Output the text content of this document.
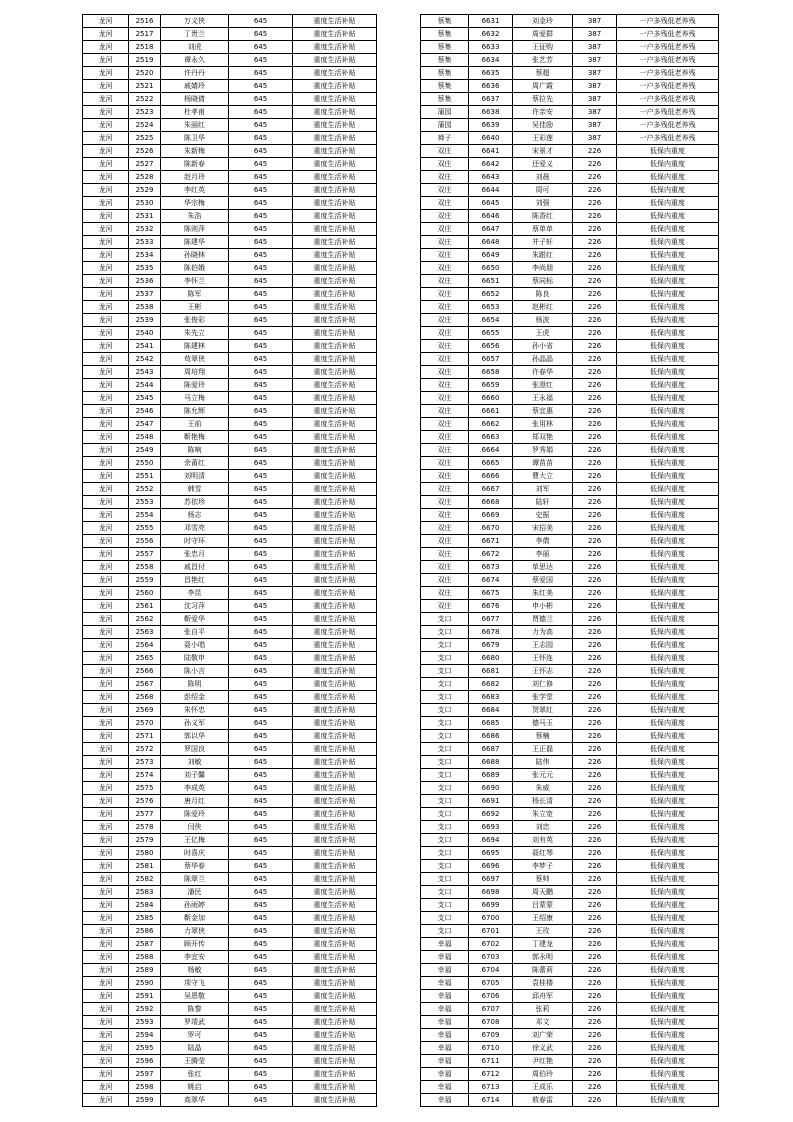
龙河	2516	万义侠	645	重度生活补贴
龙河	2517	丁贵兰	645	重度生活补贴
龙河	2518	刘虎	645	重度生活补贴
龙河	2519	谭永久	645	重度生活补贴
龙河	2520	许丹丹	645	重度生活补贴
龙河	2521	戚婧玲	645	重度生活补贴
龙河	2522	杨晓倩	645	重度生活补贴
龙河	2523	杜孝甫	645	重度生活补贴
龙河	2524	朱丽红	645	重度生活补贴
龙河	2525	陈卫华	645	重度生活补贴
龙河	2526	朱新梅	645	重度生活补贴
龙河	2527	陈新春	645	重度生活补贴
龙河	2528	赵月玲	645	重度生活补贴
龙河	2529	李红英	645	重度生活补贴
龙河	2530	华宗梅	645	重度生活补贴
龙河	2531	朱浩	645	重度生活补贴
龙河	2532	陈则萍	645	重度生活补贴
龙河	2533	陈建华	645	重度生活补贴
龙河	2534	孙晓林	645	重度生活补贴
龙河	2535	陈伯娥	645	重度生活补贴
龙河	2536	李怀兰	645	重度生活补贴
龙河	2537	陈军	645	重度生活补贴
龙河	2538	王彬	645	重度生活补贴
龙河	2539	张俊彩	645	重度生活补贴
龙河	2540	朱先立	645	重度生活补贴
龙河	2541	陈建林	645	重度生活补贴
龙河	2542	苟翠侠	645	重度生活补贴
龙河	2543	周培翔	645	重度生活补贴
龙河	2544	陈爱玲	645	重度生活补贴
龙河	2545	马立梅	645	重度生活补贴
龙河	2546	陈允辉	645	重度生活补贴
龙河	2547	王前	645	重度生活补贴
龙河	2548	靳艳梅	645	重度生活补贴
龙河	2549	陈响	645	重度生活补贴
龙河	2550	余莆红	645	重度生活补贴
龙河	2551	刘明清	645	重度生活补贴
龙河	2552	韩雪	645	重度生活补贴
龙河	2553	苏依珍	645	重度生活补贴
龙河	2554	杨志	645	重度生活补贴
龙河	2555	邓雪亮	645	重度生活补贴
龙河	2556	时守环	645	重度生活补贴
龙河	2557	张忠月	645	重度生活补贴
龙河	2558	戚昌付	645	重度生活补贴
龙河	2559	昌艳红	645	重度生活补贴
龙河	2560	李昆	645	重度生活补贴
龙河	2561	沈习萍	645	重度生活补贴
龙河	2562	靳爱华	645	重度生活补贴
龙河	2563	张自平	645	重度生活补贴
龙河	2564	聂小唱	645	重度生活补贴
龙河	2565	陆敬申	645	重度生活补贴
龙河	2566	陈小言	645	重度生活补贴
龙河	2567	陈明	645	重度生活补贴
龙河	2568	彭绍金	645	重度生活补贴
龙河	2569	朱怀忠	645	重度生活补贴
龙河	2570	孙义军	645	重度生活补贴
龙河	2571	郭以华	645	重度生活补贴
龙河	2572	罗国良	645	重度生活补贴
龙河	2573	刘敏	645	重度生活补贴
龙河	2574	刘子馨	645	重度生活补贴
龙河	2575	李成英	645	重度生活补贴
龙河	2576	唐月红	645	重度生活补贴
龙河	2577	陈爱玲	645	重度生活补贴
龙河	2578	闫侠	645	重度生活补贴
龙河	2579	王亿梅	645	重度生活补贴
龙河	2580	时喜庆	645	重度生活补贴
龙河	2581	蔡华春	645	重度生活补贴
龙河	2582	陈翠兰	645	重度生活补贴
龙河	2583	潘民	645	重度生活补贴
龙河	2584	孙雨婷	645	重度生活补贴
龙河	2585	靳金加	645	重度生活补贴
龙河	2586	力翠侠	645	重度生活补贴
龙河	2587	顾开传	645	重度生活补贴
龙河	2588	李宜安	645	重度生活补贴
龙河	2589	杨敏	645	重度生活补贴
龙河	2590	项守飞	645	重度生活补贴
龙河	2591	吴恩敬	645	重度生活补贴
龙河	2592	陈黎	645	重度生活补贴
龙河	2593	罗靖武	645	重度生活补贴
龙河	2594	罗可	645	重度生活补贴
龙河	2595	陆晶	645	重度生活补贴
龙河	2596	王腾莹	645	重度生活补贴
龙河	2597	张红	645	重度生活补贴
龙河	2598	姚启	645	重度生活补贴
龙河	2599	高翠华	645	重度生活补贴
蔡集	6631	刘金玲	387	一户多残低老养残
蔡集	6632	周爱群	387	一户多残低老养残
蔡集	6633	王征购	387	一户多残低老养残
蔡集	6634	张艺芳	387	一户多残低老养残
蔡集	6635	蔡超	387	一户多残低老养残
蔡集	6636	周广霞	387	一户多残低老养残
蔡集	6637	蔡拉先	387	一户多残低老养残
蒲园	6638	许亲安	387	一户多残低老养残
蒲园	6639	吴佳励	387	一户多残低老养残
禅子	6640	王彩莲	387	一户多残低老养残
双庄	6641	宋景才	226	低保内重度
双庄	6642	还爱义	226	低保内重度
双庄	6643	刘晨	226	低保内重度
双庄	6644	周可	226	低保内重度
双庄	6645	刘强	226	低保内重度
双庄	6646	陈香红	226	低保内重度
双庄	6647	蔡单单	226	低保内重度
双庄	6648	井子轩	226	低保内重度
双庄	6649	朱跟红	226	低保内重度
双庄	6650	李尚朋	226	低保内重度
双庄	6651	蔡同标	226	低保内重度
双庄	6652	陈良	226	低保内重度
双庄	6653	赵彬红	226	低保内重度
双庄	6654	杨波	226	低保内重度
双庄	6655	王虎	226	低保内重度
双庄	6656	孙小省	226	低保内重度
双庄	6657	孙晶晶	226	低保内重度
双庄	6658	许春华	226	低保内重度
双庄	6659	张澄红	226	低保内重度
双庄	6660	王永福	226	低保内重度
双庄	6661	蔡宜惠	226	低保内重度
双庄	6662	张用林	226	低保内重度
双庄	6663	郑双艳	226	低保内重度
双庄	6664	罗秀娟	226	低保内重度
双庄	6665	谭苗苗	226	低保内重度
双庄	6666	曹大立	226	低保内重度
双庄	6667	刘军	226	低保内重度
双庄	6668	陆轩	226	低保内重度
双庄	6669	史振	226	低保内重度
双庄	6670	宋招美	226	低保内重度
双庄	6671	李倩	226	低保内重度
双庄	6672	李丽	226	低保内重度
双庄	6673	单思达	226	低保内重度
双庄	6674	蔡爱国	226	低保内重度
双庄	6675	朱红美	226	低保内重度
双庄	6676	申小彬	226	低保内重度
支口	6677	贾德兰	226	低保内重度
支口	6678	力为高	226	低保内重度
支口	6679	王志园	226	低保内重度
支口	6680	王怀连	226	低保内重度
支口	6681	王怀志	226	低保内重度
支口	6682	刘仁修	226	低保内重度
支口	6683	张学堂	226	低保内重度
支口	6684	贺翠红	226	低保内重度
支口	6685	德马玉	226	低保内重度
支口	6686	蔡楠	226	低保内重度
支口	6687	王正磊	226	低保内重度
支口	6688	陆伟	226	低保内重度
支口	6689	张元元	226	低保内重度
支口	6690	朱威	226	低保内重度
支口	6691	杨长清	226	低保内重度
支口	6692	朱立宽	226	低保内重度
支口	6693	刘忠	226	低保内重度
支口	6694	刘有英	226	低保内重度
支口	6695	聂红琴	226	低保内重度
支口	6696	李梦子	226	低保内重度
支口	6697	蔡帅	226	低保内重度
支口	6698	周天鹏	226	低保内重度
支口	6699	吕蒙蒙	226	低保内重度
支口	6700	王绍康	226	低保内重度
支口	6701	王玫	226	低保内重度
幸福	6702	丁建龙	226	低保内重度
幸福	6703	郭永明	226	低保内重度
幸福	6704	陈蕾莉	226	低保内重度
幸福	6705	袁桂楼	226	低保内重度
幸福	6706	邱舟军	226	低保内重度
幸福	6707	张莉	226	低保内重度
幸福	6708	邓文	226	低保内重度
幸福	6709	刘广荣	226	低保内重度
幸福	6710	徐义武	226	低保内重度
幸福	6711	尹红艳	226	低保内重度
幸福	6712	周伯玲	226	低保内重度
幸福	6713	王成乐	226	低保内重度
幸福	6714	敖春雷	226	低保内重度
